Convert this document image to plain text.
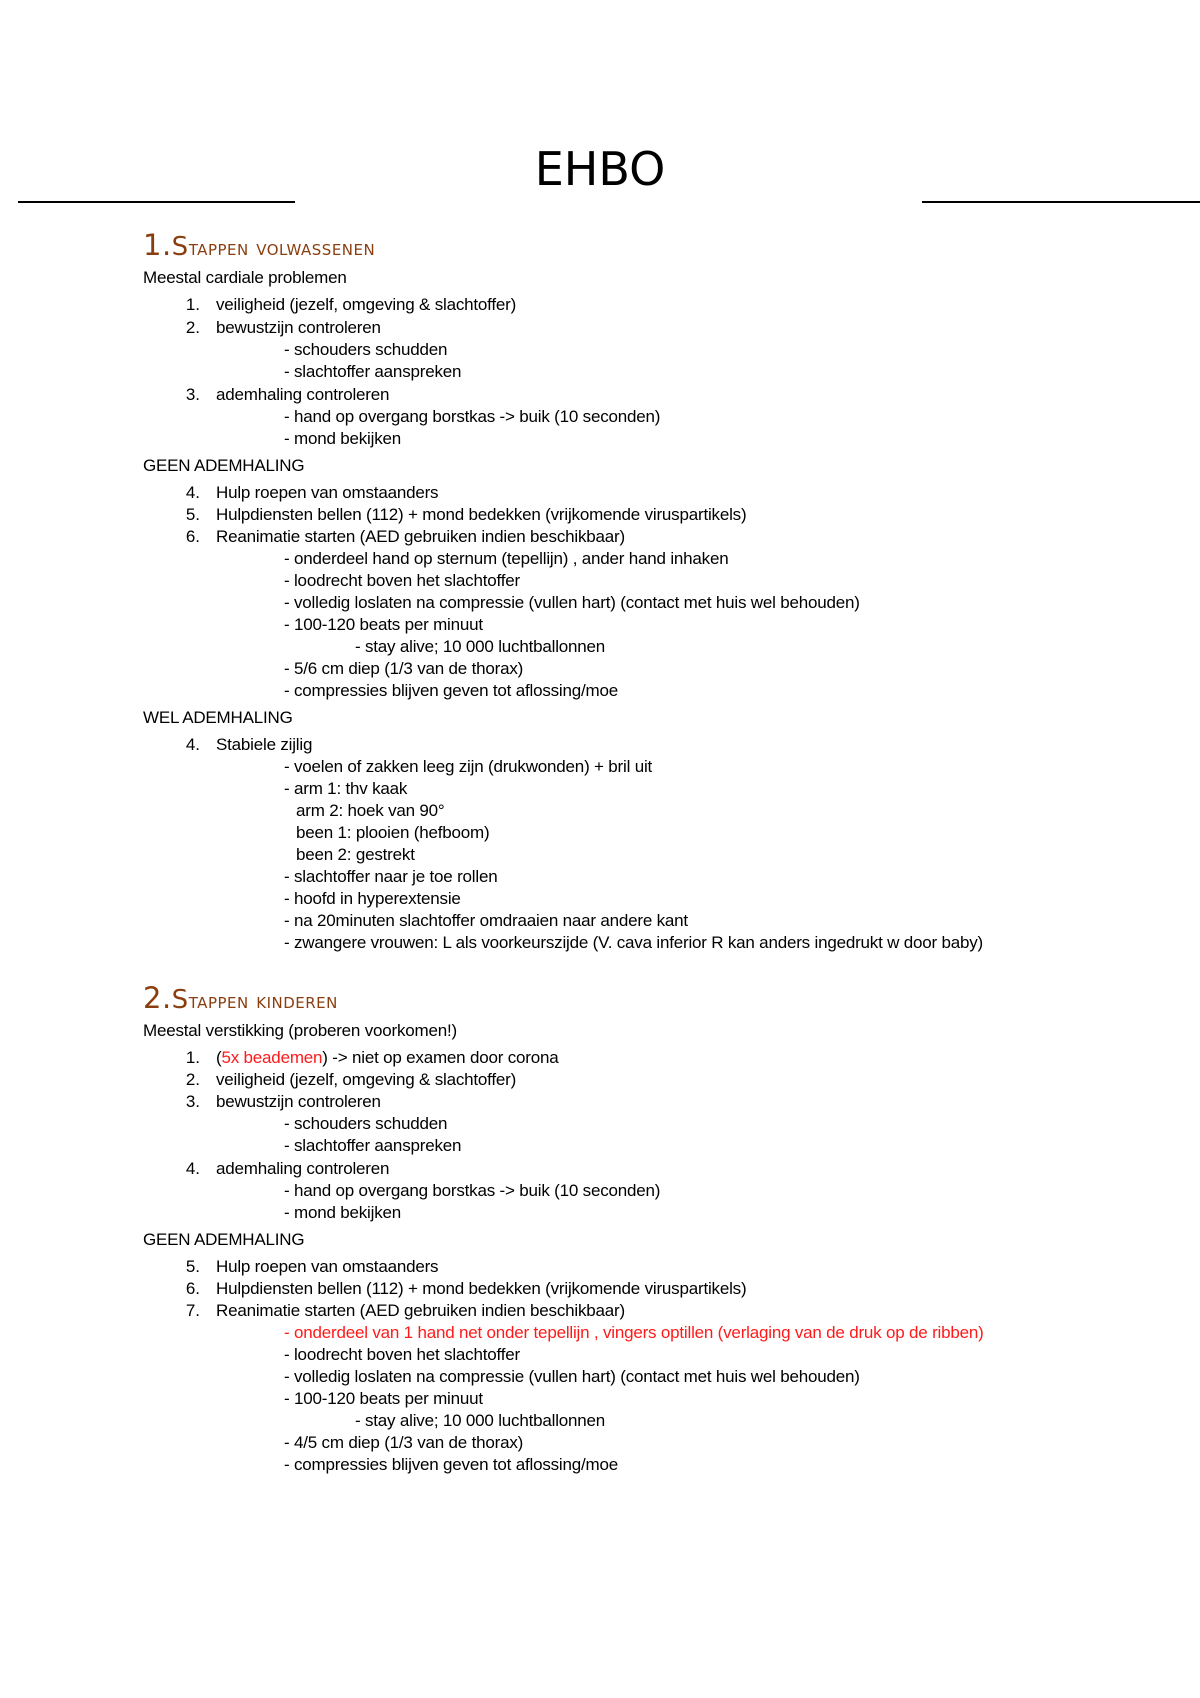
EHBO
1.Stappen volwassenen
Meestal cardiale problemen
1. veiligheid (jezelf, omgeving & slachtoffer)
2. bewustzijn controleren
- schouders schudden
- slachtoffer aanspreken
3. ademhaling controleren
- hand op overgang borstkas -> buik (10 seconden)
- mond bekijken
GEEN ADEMHALING
4. Hulp roepen van omstaanders
5. Hulpdiensten bellen (112) + mond bedekken (vrijkomende viruspartikels)
6. Reanimatie starten (AED gebruiken indien beschikbaar)
- onderdeel hand op sternum (tepellijn) , ander hand inhaken
- loodrecht boven het slachtoffer
- volledig loslaten na compressie (vullen hart) (contact met huis wel behouden)
- 100-120 beats per minuut
- stay alive; 10 000 luchtballonnen
- 5/6 cm diep (1/3 van de thorax)
- compressies blijven geven tot aflossing/moe
WEL ADEMHALING
4. Stabiele zijlig
- voelen of zakken leeg zijn (drukwonden) + bril uit
- arm 1: thv kaak
arm 2: hoek van 90°
been 1: plooien (hefboom)
been 2: gestrekt
- slachtoffer naar je toe rollen
- hoofd in hyperextensie
- na 20minuten slachtoffer omdraaien naar andere kant
- zwangere vrouwen: L als voorkeurszijde (V. cava inferior R kan anders ingedrukt w door baby)
2.Stappen kinderen
Meestal verstikking (proberen voorkomen!)
1. (5x beademen) -> niet op examen door corona
2. veiligheid (jezelf, omgeving & slachtoffer)
3. bewustzijn controleren
- schouders schudden
- slachtoffer aanspreken
4. ademhaling controleren
- hand op overgang borstkas -> buik (10 seconden)
- mond bekijken
GEEN ADEMHALING
5. Hulp roepen van omstaanders
6. Hulpdiensten bellen (112) + mond bedekken (vrijkomende viruspartikels)
7. Reanimatie starten (AED gebruiken indien beschikbaar)
- onderdeel van 1 hand net onder tepellijn , vingers optillen (verlaging van de druk op de ribben)
- loodrecht boven het slachtoffer
- volledig loslaten na compressie (vullen hart) (contact met huis wel behouden)
- 100-120 beats per minuut
- stay alive; 10 000 luchtballonnen
- 4/5 cm diep (1/3 van de thorax)
- compressies blijven geven tot aflossing/moe
